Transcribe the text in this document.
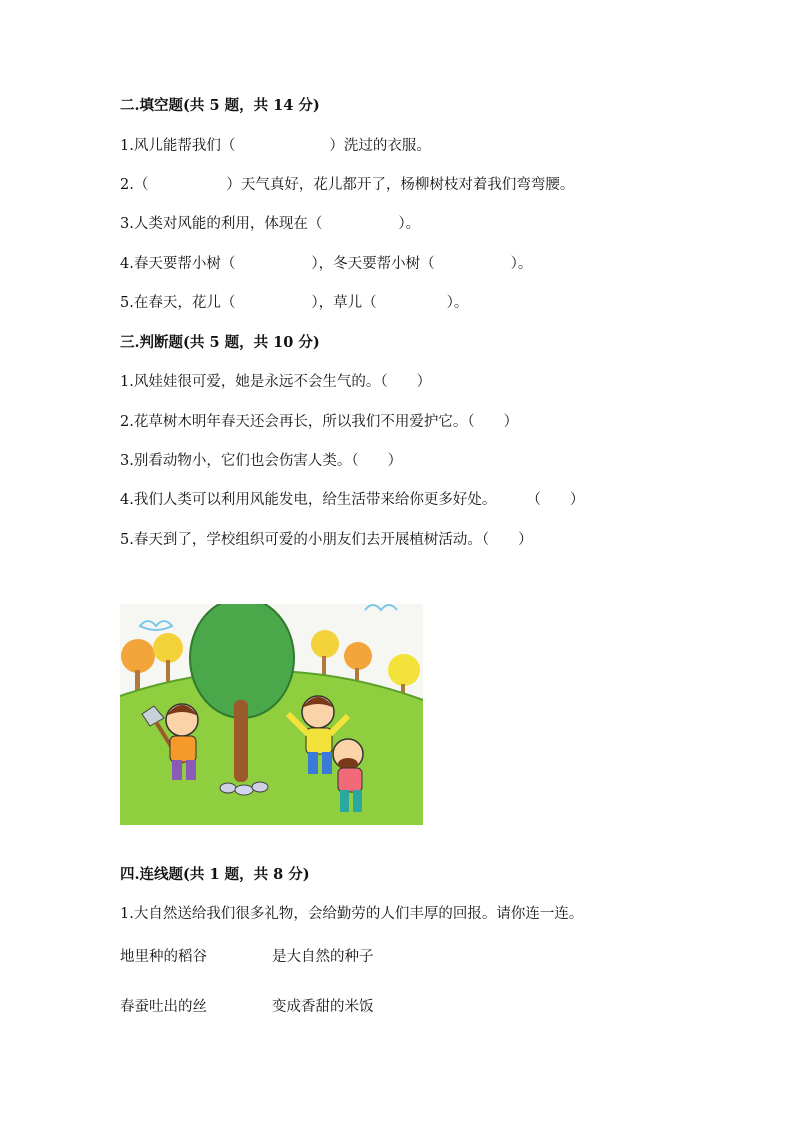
二.填空题(共 5 题，共 14 分)
1.风儿能帮我们（	）洗过的衣服。
2.（	）天气真好，花儿都开了，杨柳树枝对着我们弯弯腰。
3.人类对风能的利用，体现在（	）。
4.春天要帮小树（	），冬天要帮小树（	）。
5.在春天，花儿（	），草儿（	）。
三.判断题(共 5 题，共 10 分)
1.风娃娃很可爱，她是永远不会生气的。（　　）
2.花草树木明年春天还会再长，所以我们不用爱护它。（　　）
3.别看动物小，它们也会伤害人类。（　　）
4.我们人类可以利用风能发电，给生活带来给你更多好处。 （　　）
5.春天到了，学校组织可爱的小朋友们去开展植树活动。（　　）
四.连线题(共 1 题，共 8 分)
1.大自然送给我们很多礼物，会给勤劳的人们丰厚的回报。请你连一连。
地里种的稻谷	是大自然的种子
春蚕吐出的丝	变成香甜的米饭
